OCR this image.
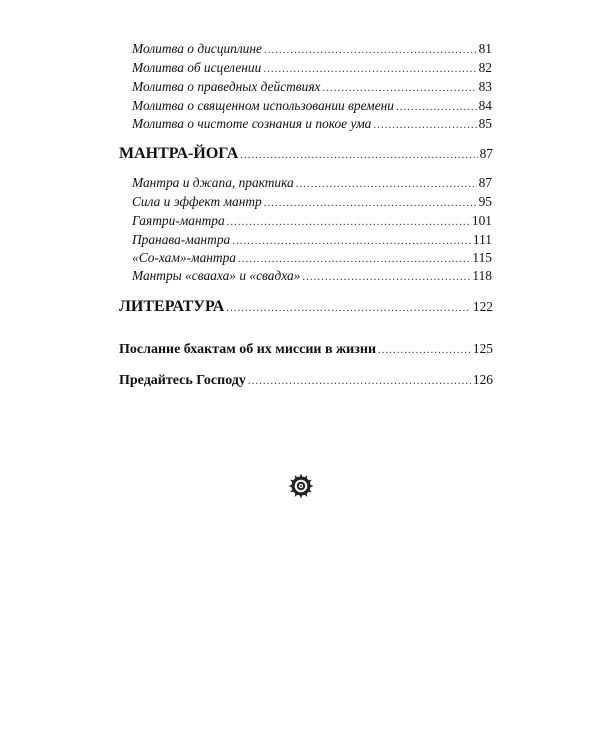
Молитва о дисциплине .....	81
Молитва об исцелении .....	82
Молитва о праведных действиях .....	83
Молитва о священном использовании времени .....	84
Молитва о чистоте сознания и покое ума .....	85
МАНТРА-ЙОГА .....	87
Мантра и джапа, практика .....	87
Сила и эффект мантр .....	95
Гаятри-мантра .....	101
Пранава-мантра .....	111
«Со-хам»-мантра .....	115
Мантры «сваaха» и «свадха» .....	118
ЛИТЕРАТУРА .....	122
Послание бхактам об их миссии в жизни .....	125
Предайтесь Господу .....	126
